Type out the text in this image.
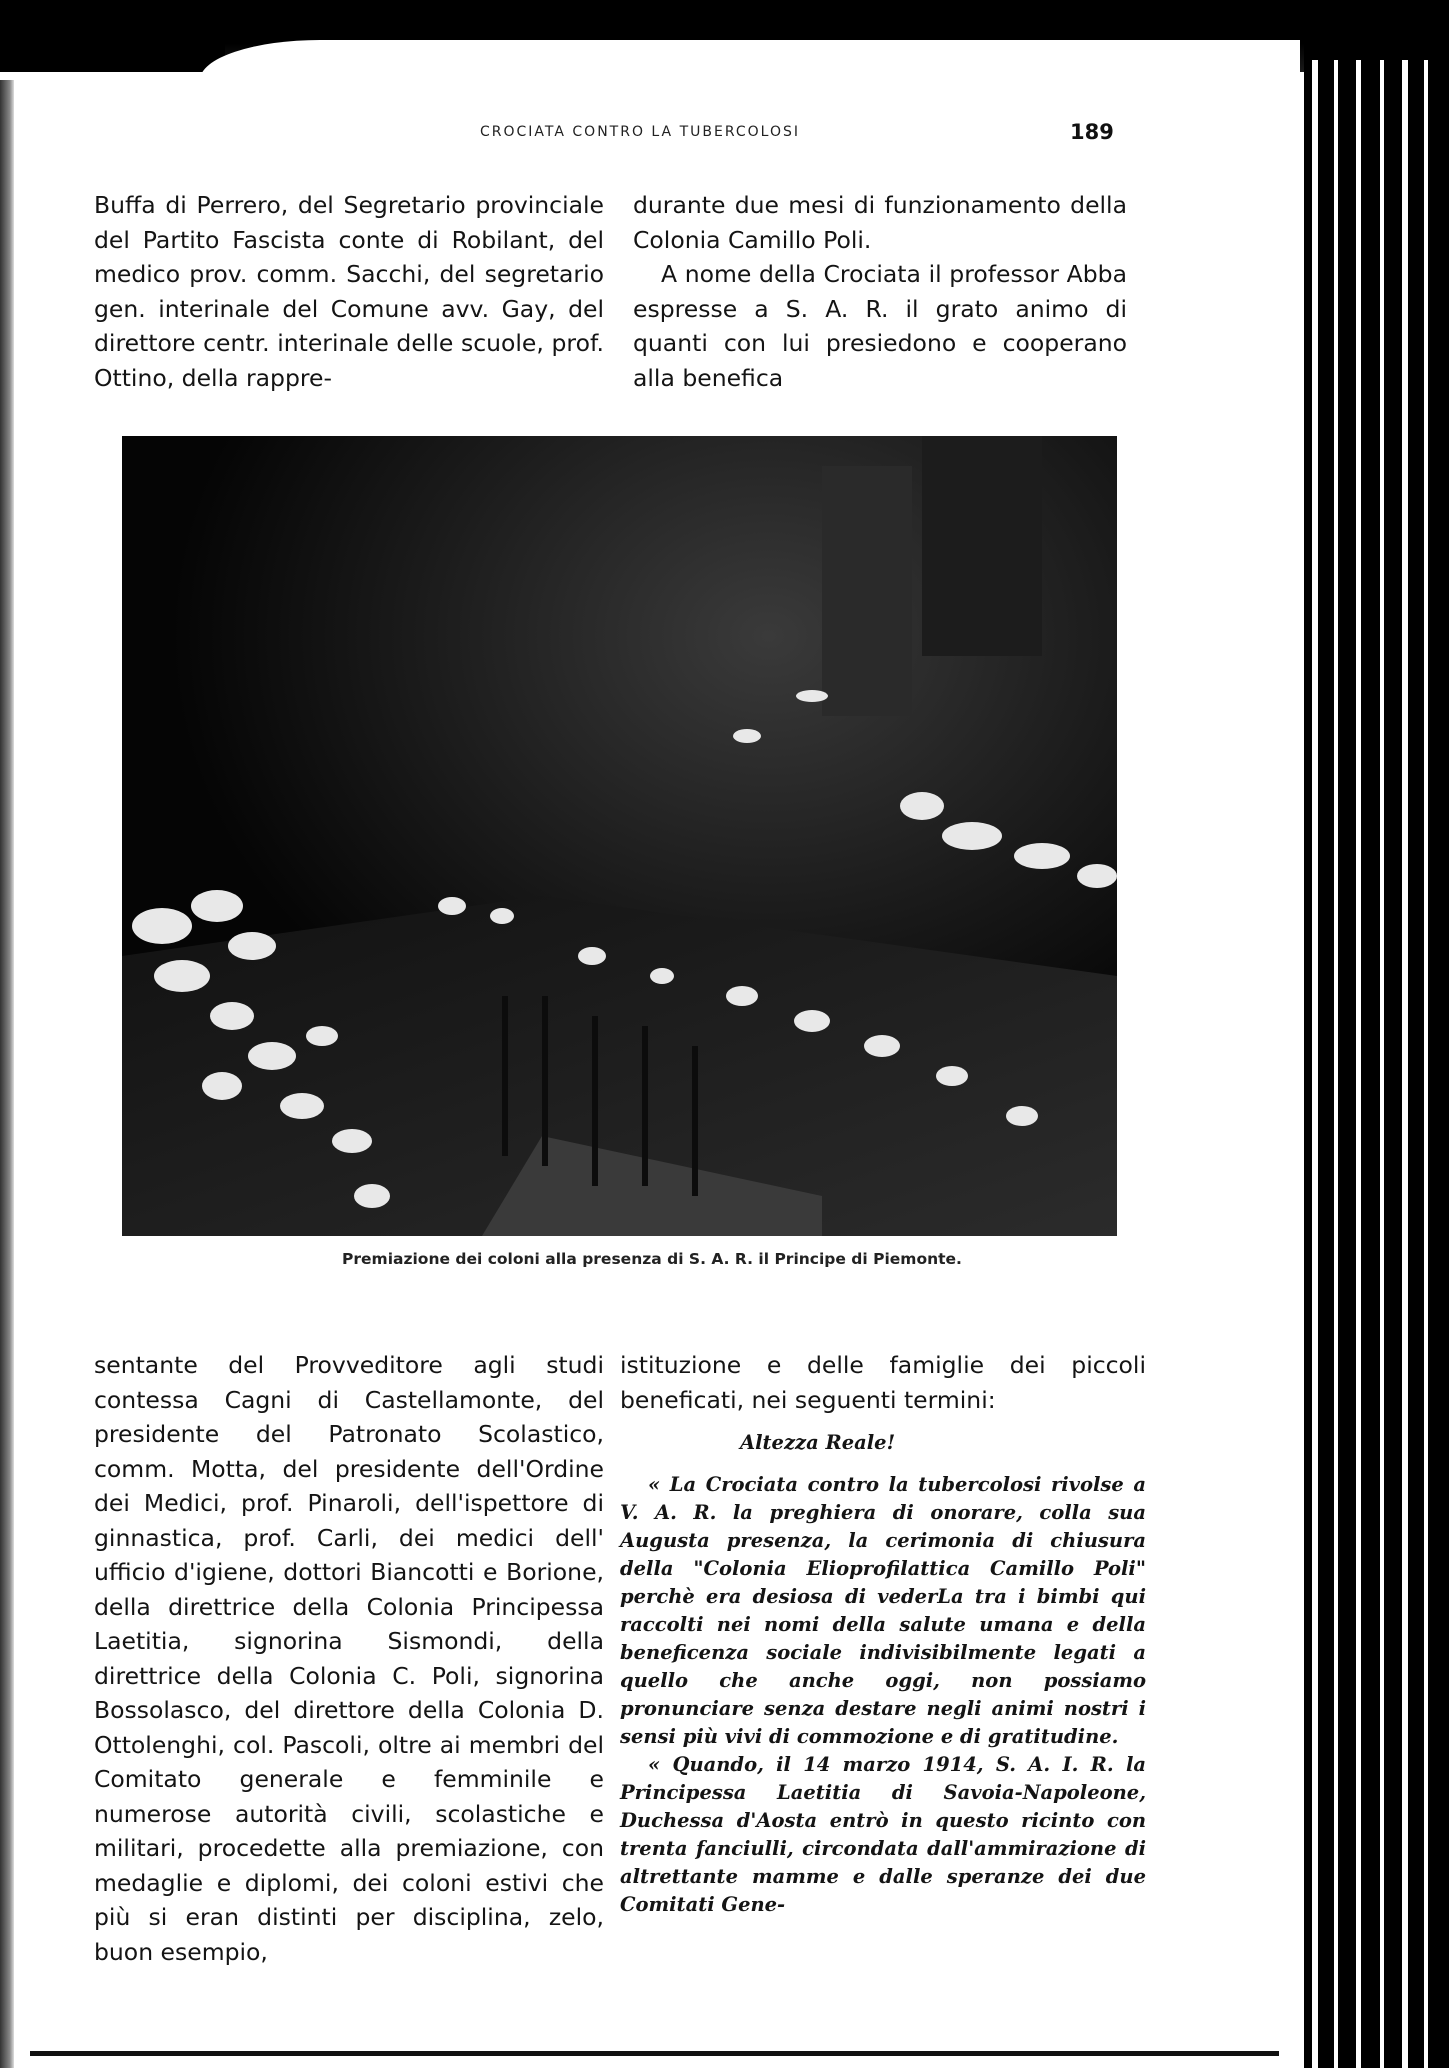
CROCIATA CONTRO LA TUBERCOLOSI	189

Buffa di Perrero, del Segretario provinciale del Partito Fascista conte di Robilant, del medico prov. comm. Sacchi, del segretario gen. interinale del Comune avv. Gay, del direttore centr. interinale delle scuole, prof. Ottino, della rappre-

durante due mesi di funzionamento della Colonia Camillo Poli.

A nome della Crociata il professor Abba espresse a S. A. R. il grato animo di quanti con lui presiedono e cooperano alla benefica

Premiazione dei coloni alla presenza di S. A. R. il Principe di Piemonte.

sentante del Provveditore agli studi contessa Cagni di Castellamonte, del presidente del Patronato Scolastico, comm. Motta, del presidente dell'Ordine dei Medici, prof. Pinaroli, dell'ispettore di ginnastica, prof. Carli, dei medici dell' ufficio d'igiene, dottori Biancotti e Borione, della direttrice della Colonia Principessa Laetitia, signorina Sismondi, della direttrice della Colonia C. Poli, signorina Bossolasco, del direttore della Colonia D. Ottolenghi, col. Pascoli, oltre ai membri del Comitato generale e femminile e numerose autorità civili, scolastiche e militari, procedette alla premiazione, con medaglie e diplomi, dei coloni estivi che più si eran distinti per disciplina, zelo, buon esempio,

istituzione e delle famiglie dei piccoli beneficati, nei seguenti termini:

Altezza Reale!

« La Crociata contro la tubercolosi rivolse a V. A. R. la preghiera di onorare, colla sua Augusta presenza, la cerimonia di chiusura della "Colonia Elioprofilattica Camillo Poli" perchè era desiosa di vederLa tra i bimbi qui raccolti nei nomi della salute umana e della beneficenza sociale indivisibilmente legati a quello che anche oggi, non possiamo pronunciare senza destare negli animi nostri i sensi più vivi di commozione e di gratitudine.

« Quando, il 14 marzo 1914, S. A. I. R. la Principessa Laetitia di Savoia-Napoleone, Duchessa d'Aosta entrò in questo ricinto con trenta fanciulli, circondata dall'ammirazione di altrettante mamme e dalle speranze dei due Comitati Gene-
